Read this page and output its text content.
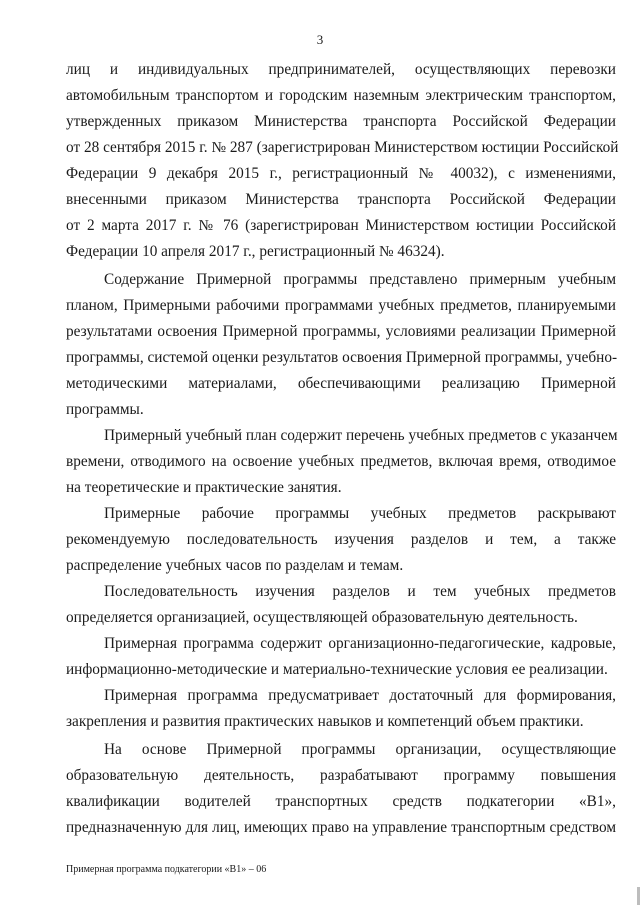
3
лиц и индивидуальных предпринимателей, осуществляющих перевозки
автомобильным транспортом и городским наземным электрическим транспортом,
утвержденных приказом Министерства транспорта Российской Федерации
от 28 сентября 2015 г. № 287 (зарегистрирован Министерством юстиции Российской
Федерации 9 декабря 2015 г., регистрационный № 40032), с изменениями,
внесенными приказом Министерства транспорта Российской Федерации
от 2 марта 2017 г. № 76 (зарегистрирован Министерством юстиции Российской
Федерации 10 апреля 2017 г., регистрационный № 46324).
Содержание Примерной программы представлено примерным учебным
планом, Примерными рабочими программами учебных предметов, планируемыми
результатами освоения Примерной программы, условиями реализации Примерной
программы, системой оценки результатов освоения Примерной программы, учебно-
методическими материалами, обеспечивающими реализацию Примерной
программы.
Примерный учебный план содержит перечень учебных предметов с указанчем
времени, отводимого на освоение учебных предметов, включая время, отводимое
на теоретические и практические занятия.
Примерные рабочие программы учебных предметов раскрывают
рекомендуемую последовательность изучения разделов и тем, а также
распределение учебных часов по разделам и темам.
Последовательность изучения разделов и тем учебных предметов
определяется организацией, осуществляющей образовательную деятельность.
Примерная программа содержит организационно-педагогические, кадровые,
информационно-методические и материально-технические условия ее реализации.
Примерная программа предусматривает достаточный для формирования,
закрепления и развития практических навыков и компетенций объем практики.
На основе Примерной программы организации, осуществляющие
образовательную деятельность, разрабатывают программу повышения
квалификации водителей транспортных средств подкатегории «В1»,
предназначенную для лиц, имеющих право на управление транспортным средством
Примерная программа подкатегории «В1» – 06
